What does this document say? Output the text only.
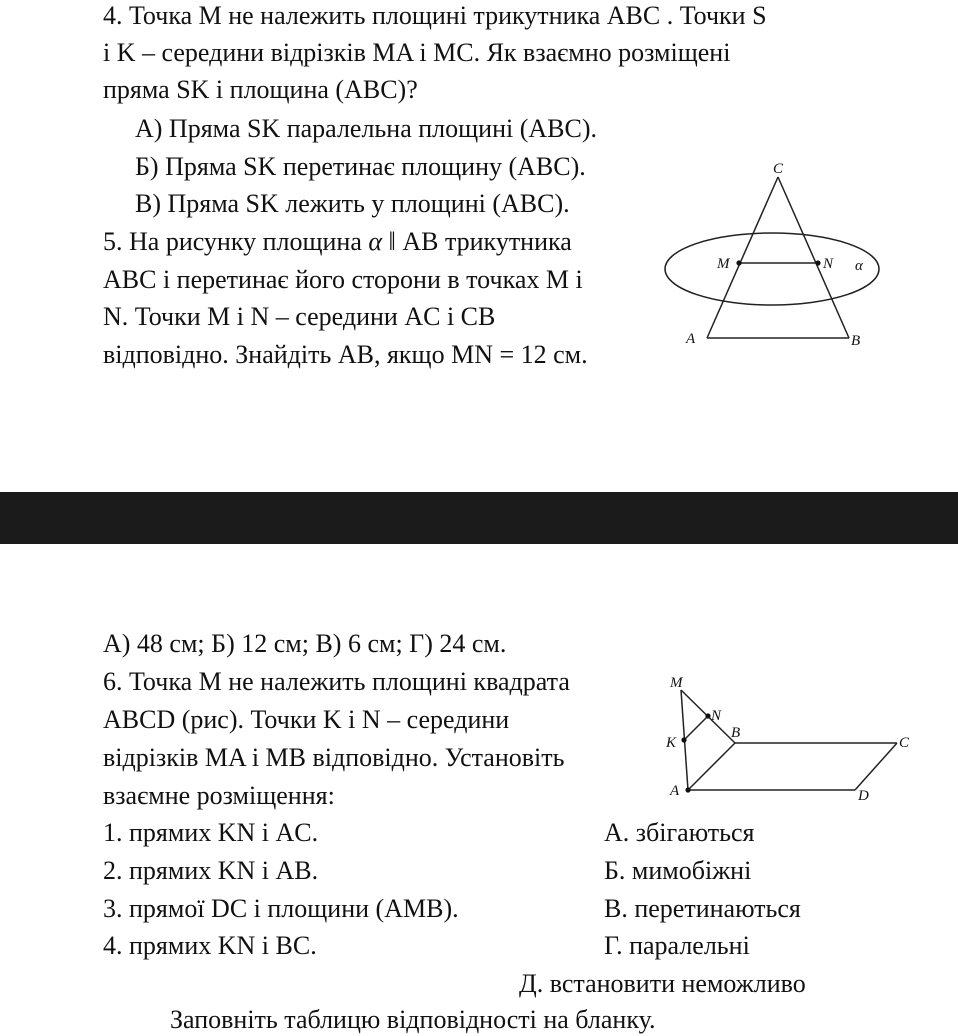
4. Точка M не належить площині трикутника ABC . Точки S
і K – середини відрізків MA і MC. Як взаємно розміщені
пряма SK і площина (ABC)?
А) Пряма SK паралельна площині (ABC).
Б) Пряма SK перетинає площину (ABC).
В) Пряма SK лежить у площині (ABC).
5. На рисунку площина α ‖ AB трикутника
ABC і перетинає його сторони в точках M і
N. Точки M і N – середини AC і CB
відповідно. Знайдіть AB, якщо MN = 12 см.
C
M	N α
A	B
А) 48 см; Б) 12 см; В) 6 см; Г) 24 см.
6. Точка M не належить площині квадрата
ABCD (рис). Точки K і N – середини
відрізків MA і MB відповідно. Установіть
взаємне розміщення:
1. прямих KN і AC.
2. прямих KN і AB.
3. прямої DC і площини (AMB).
4. прямих KN і BC.
А. збігаються
Б. мимобіжні
В. перетинаються
Г. паралельні
Д. встановити неможливо
Заповніть таблицю відповідності на бланку.
M
N
K
B
C
A	D
